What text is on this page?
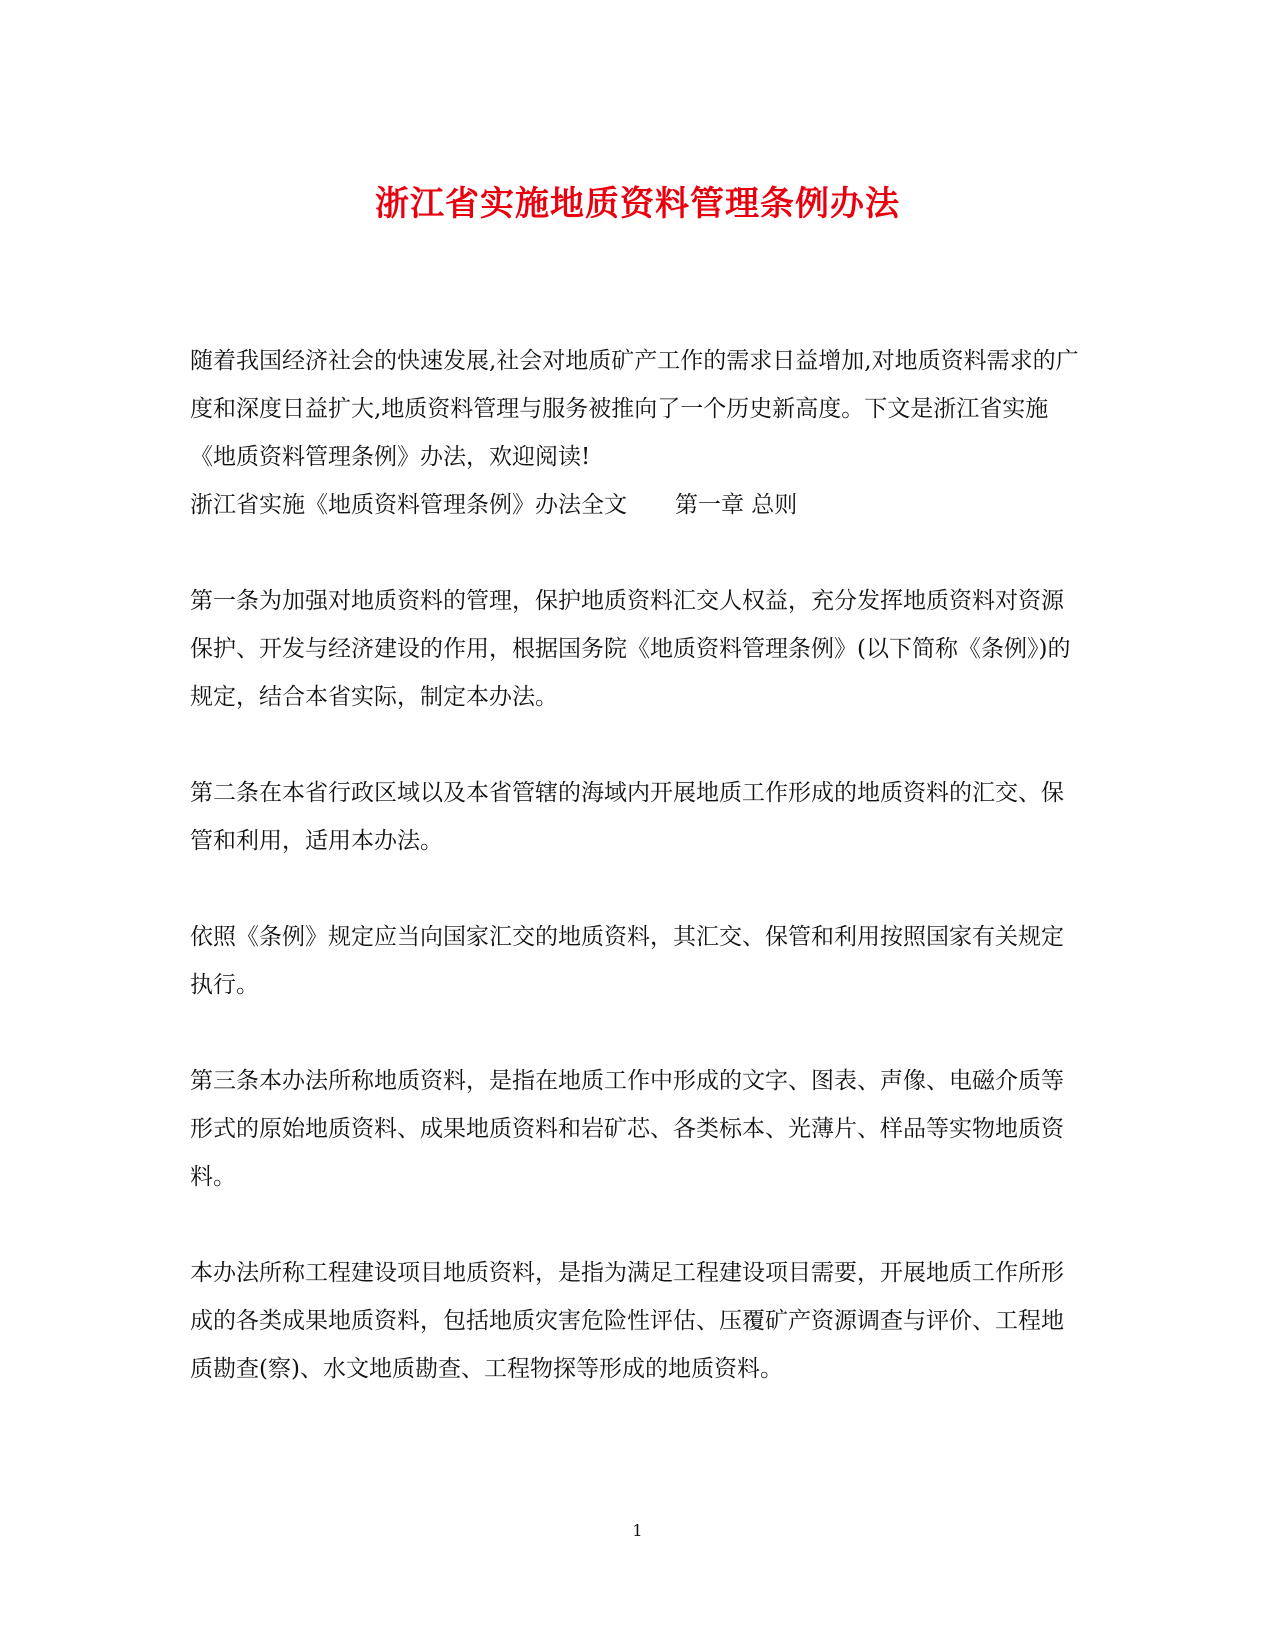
浙江省实施地质资料管理条例办法

随着我国经济社会的快速发展,社会对地质矿产工作的需求日益增加,对地质资料需求的广度和深度日益扩大,地质资料管理与服务被推向了一个历史新高度。下文是浙江省实施《地质资料管理条例》办法，欢迎阅读!

浙江省实施《地质资料管理条例》办法全文 第一章 总则

第一条为加强对地质资料的管理，保护地质资料汇交人权益，充分发挥地质资料对资源保护、开发与经济建设的作用，根据国务院《地质资料管理条例》(以下简称《条例》)的规定，结合本省实际，制定本办法。

第二条在本省行政区域以及本省管辖的海域内开展地质工作形成的地质资料的汇交、保管和利用，适用本办法。

依照《条例》规定应当向国家汇交的地质资料，其汇交、保管和利用按照国家有关规定执行。

第三条本办法所称地质资料，是指在地质工作中形成的文字、图表、声像、电磁介质等形式的原始地质资料、成果地质资料和岩矿芯、各类标本、光薄片、样品等实物地质资料。

本办法所称工程建设项目地质资料，是指为满足工程建设项目需要，开展地质工作所形成的各类成果地质资料，包括地质灾害危险性评估、压覆矿产资源调查与评价、工程地质勘查(察)、水文地质勘查、工程物探等形成的地质资料。

1
